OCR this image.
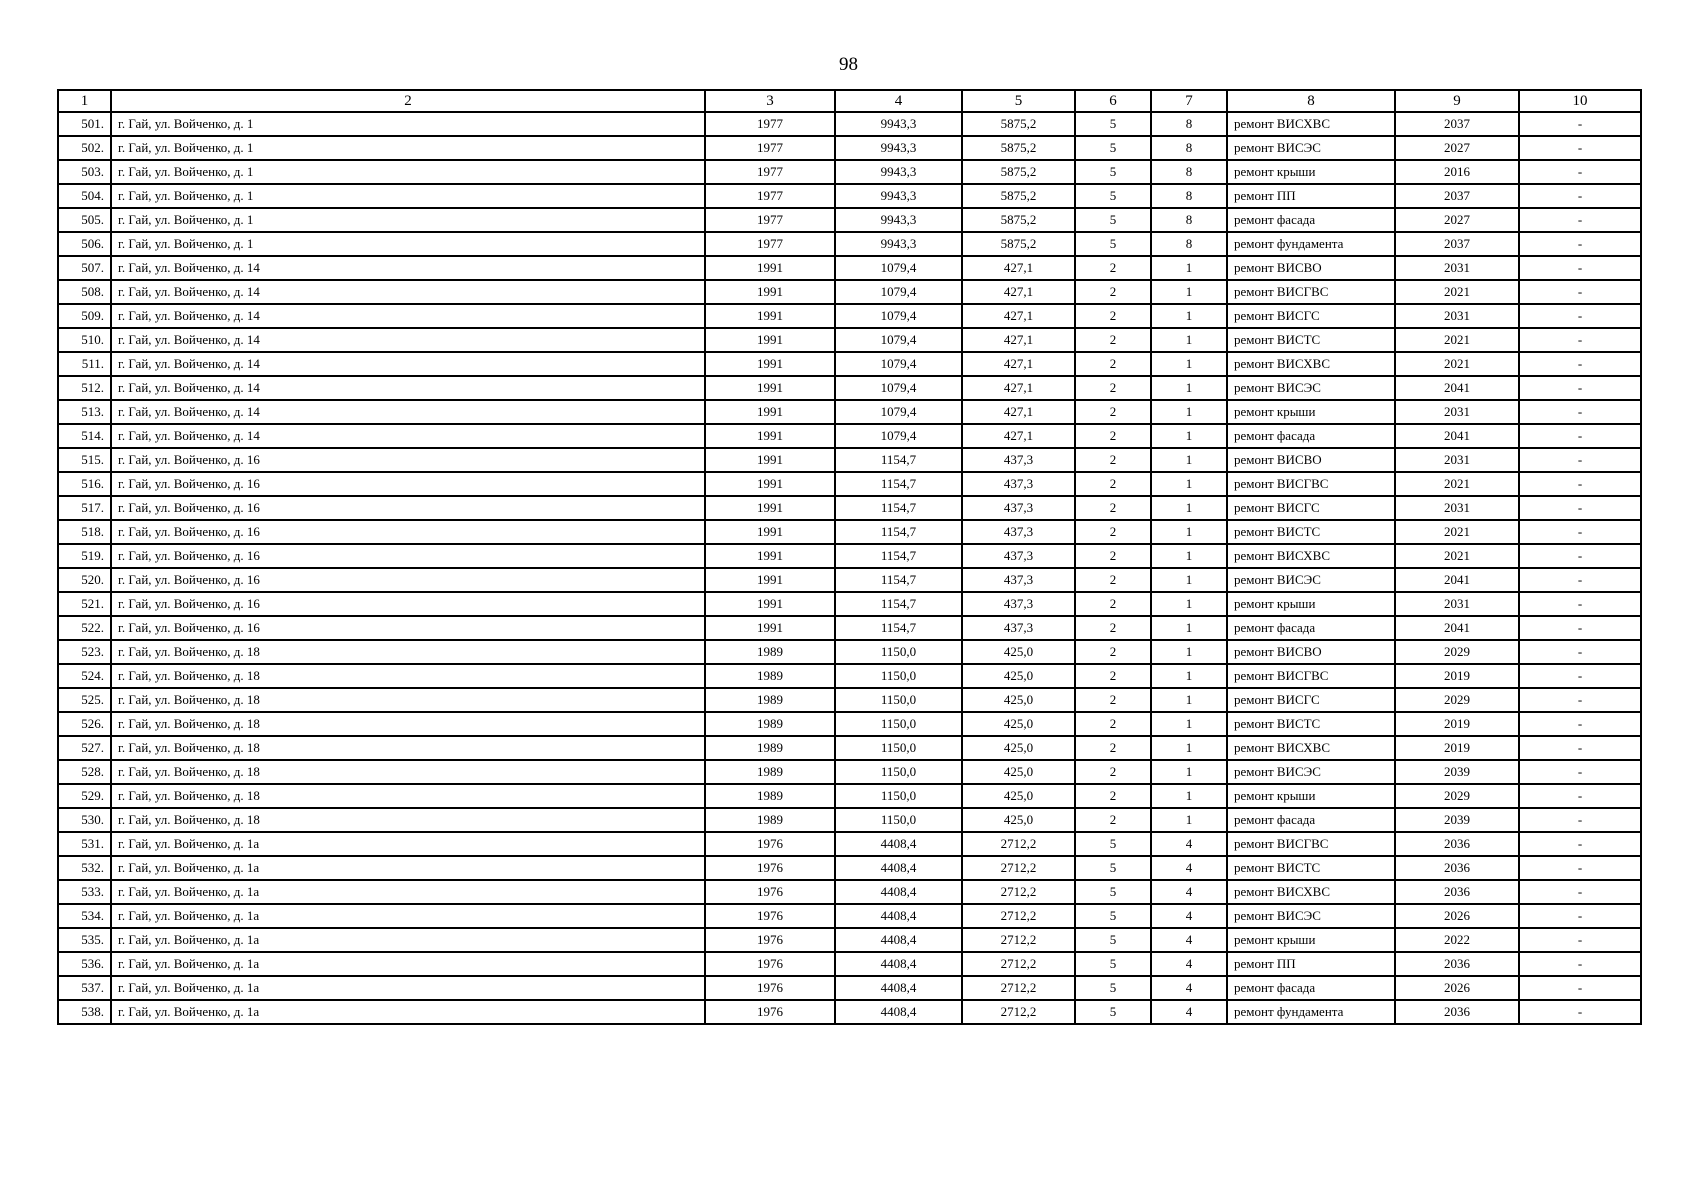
98
1	2	3	4	5	6	7	8	9	10
501.	г. Гай, ул. Войченко, д. 1	1977	9943,3	5875,2	5	8	ремонт ВИСХВС	2037	-
502.	г. Гай, ул. Войченко, д. 1	1977	9943,3	5875,2	5	8	ремонт ВИСЭС	2027	-
503.	г. Гай, ул. Войченко, д. 1	1977	9943,3	5875,2	5	8	ремонт крыши	2016	-
504.	г. Гай, ул. Войченко, д. 1	1977	9943,3	5875,2	5	8	ремонт ПП	2037	-
505.	г. Гай, ул. Войченко, д. 1	1977	9943,3	5875,2	5	8	ремонт фасада	2027	-
506.	г. Гай, ул. Войченко, д. 1	1977	9943,3	5875,2	5	8	ремонт фундамента	2037	-
507.	г. Гай, ул. Войченко, д. 14	1991	1079,4	427,1	2	1	ремонт ВИСВО	2031	-
508.	г. Гай, ул. Войченко, д. 14	1991	1079,4	427,1	2	1	ремонт ВИСГВС	2021	-
509.	г. Гай, ул. Войченко, д. 14	1991	1079,4	427,1	2	1	ремонт ВИСГС	2031	-
510.	г. Гай, ул. Войченко, д. 14	1991	1079,4	427,1	2	1	ремонт ВИСТС	2021	-
511.	г. Гай, ул. Войченко, д. 14	1991	1079,4	427,1	2	1	ремонт ВИСХВС	2021	-
512.	г. Гай, ул. Войченко, д. 14	1991	1079,4	427,1	2	1	ремонт ВИСЭС	2041	-
513.	г. Гай, ул. Войченко, д. 14	1991	1079,4	427,1	2	1	ремонт крыши	2031	-
514.	г. Гай, ул. Войченко, д. 14	1991	1079,4	427,1	2	1	ремонт фасада	2041	-
515.	г. Гай, ул. Войченко, д. 16	1991	1154,7	437,3	2	1	ремонт ВИСВО	2031	-
516.	г. Гай, ул. Войченко, д. 16	1991	1154,7	437,3	2	1	ремонт ВИСГВС	2021	-
517.	г. Гай, ул. Войченко, д. 16	1991	1154,7	437,3	2	1	ремонт ВИСГС	2031	-
518.	г. Гай, ул. Войченко, д. 16	1991	1154,7	437,3	2	1	ремонт ВИСТС	2021	-
519.	г. Гай, ул. Войченко, д. 16	1991	1154,7	437,3	2	1	ремонт ВИСХВС	2021	-
520.	г. Гай, ул. Войченко, д. 16	1991	1154,7	437,3	2	1	ремонт ВИСЭС	2041	-
521.	г. Гай, ул. Войченко, д. 16	1991	1154,7	437,3	2	1	ремонт крыши	2031	-
522.	г. Гай, ул. Войченко, д. 16	1991	1154,7	437,3	2	1	ремонт фасада	2041	-
523.	г. Гай, ул. Войченко, д. 18	1989	1150,0	425,0	2	1	ремонт ВИСВО	2029	-
524.	г. Гай, ул. Войченко, д. 18	1989	1150,0	425,0	2	1	ремонт ВИСГВС	2019	-
525.	г. Гай, ул. Войченко, д. 18	1989	1150,0	425,0	2	1	ремонт ВИСГС	2029	-
526.	г. Гай, ул. Войченко, д. 18	1989	1150,0	425,0	2	1	ремонт ВИСТС	2019	-
527.	г. Гай, ул. Войченко, д. 18	1989	1150,0	425,0	2	1	ремонт ВИСХВС	2019	-
528.	г. Гай, ул. Войченко, д. 18	1989	1150,0	425,0	2	1	ремонт ВИСЭС	2039	-
529.	г. Гай, ул. Войченко, д. 18	1989	1150,0	425,0	2	1	ремонт крыши	2029	-
530.	г. Гай, ул. Войченко, д. 18	1989	1150,0	425,0	2	1	ремонт фасада	2039	-
531.	г. Гай, ул. Войченко, д. 1а	1976	4408,4	2712,2	5	4	ремонт ВИСГВС	2036	-
532.	г. Гай, ул. Войченко, д. 1а	1976	4408,4	2712,2	5	4	ремонт ВИСТС	2036	-
533.	г. Гай, ул. Войченко, д. 1а	1976	4408,4	2712,2	5	4	ремонт ВИСХВС	2036	-
534.	г. Гай, ул. Войченко, д. 1а	1976	4408,4	2712,2	5	4	ремонт ВИСЭС	2026	-
535.	г. Гай, ул. Войченко, д. 1а	1976	4408,4	2712,2	5	4	ремонт крыши	2022	-
536.	г. Гай, ул. Войченко, д. 1а	1976	4408,4	2712,2	5	4	ремонт ПП	2036	-
537.	г. Гай, ул. Войченко, д. 1а	1976	4408,4	2712,2	5	4	ремонт фасада	2026	-
538.	г. Гай, ул. Войченко, д. 1а	1976	4408,4	2712,2	5	4	ремонт фундамента	2036	-
